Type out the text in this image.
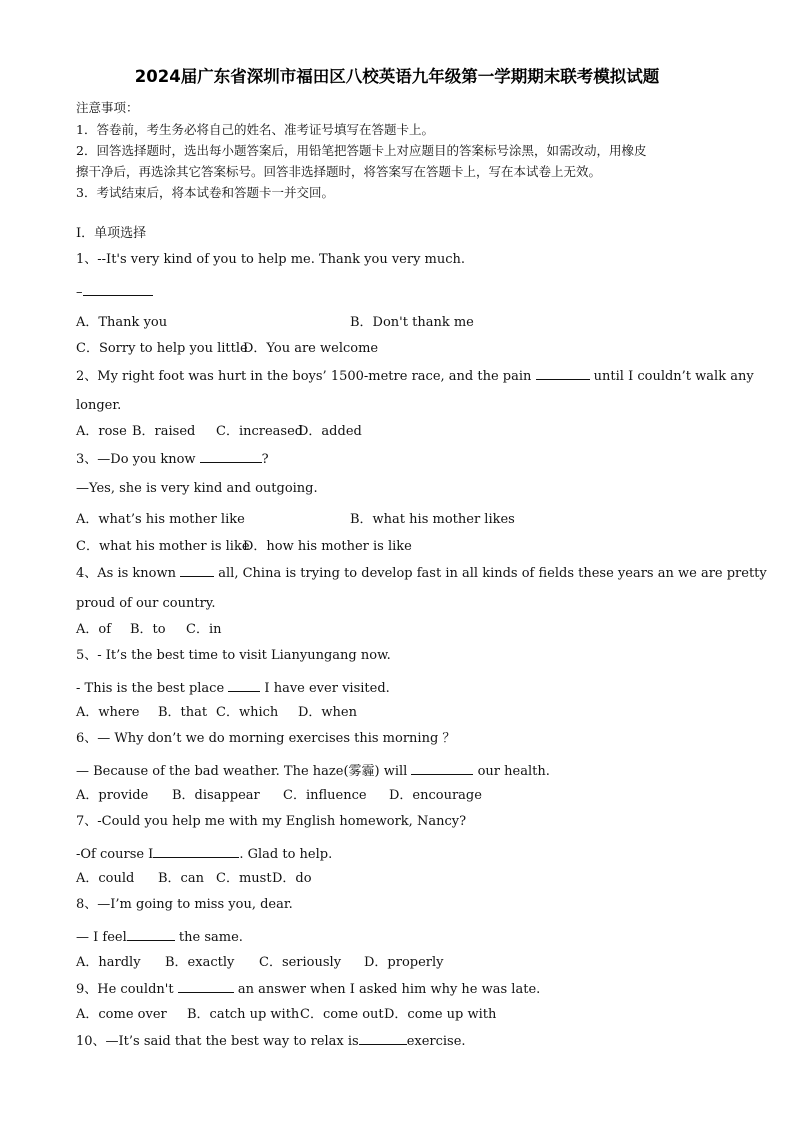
2024届广东省深圳市福田区八校英语九年级第一学期期末联考模拟试题
注意事项：
1．答卷前，考生务必将自己的姓名、准考证号填写在答题卡上。
2．回答选择题时，选出每小题答案后，用铅笔把答题卡上对应题目的答案标号涂黑，如需改动，用橡皮
擦干净后，再选涂其它答案标号。回答非选择题时，将答案写在答题卡上，写在本试卷上无效。
3．考试结束后，将本试卷和答题卡一并交回。
Ⅰ．单项选择
1、--It's very kind of you to help me. Thank you very much.
–
A．Thank you	B．Don't thank me
C．Sorry to help you little
D．You are welcome
2、My right foot was hurt in the boys’ 1500-metre race, and the pain	until I couldn’t walk any
longer.
A．rose B．raised C．increased
D．added
3、—Do you know	?
—Yes, she is very kind and outgoing.
A．what’s his mother like	B．what his mother likes
C．what his mother is like
D．how his mother is like
4、As is known	all, China is trying to develop fast in all kinds of fields these years an we are pretty
proud of our country.
A．of B．to C．in
5、- It’s the best time to visit Lianyungang now.
- This is the best place  I have ever visited.
A．where B．that C．which D．when
6、— Why don’t we do morning exercises this morning ？
— Because of the bad weather. The haze(雾霾) will	our health.
A．provide B．disappear C．influence D．encourage
7、-Could you help me with my English homework, Nancy?
-Of course I	. Glad to help.
A．could B．can C．must D．do
8、—I’m going to miss you, dear.
— I feel	the same.
A．hardly B．exactly C．seriously D．properly
9、He couldn't	an answer when I asked him why he was late.
A．come over B．catch up with C．come out D．come up with
10、—It’s said that the best way to relax is	exercise.
